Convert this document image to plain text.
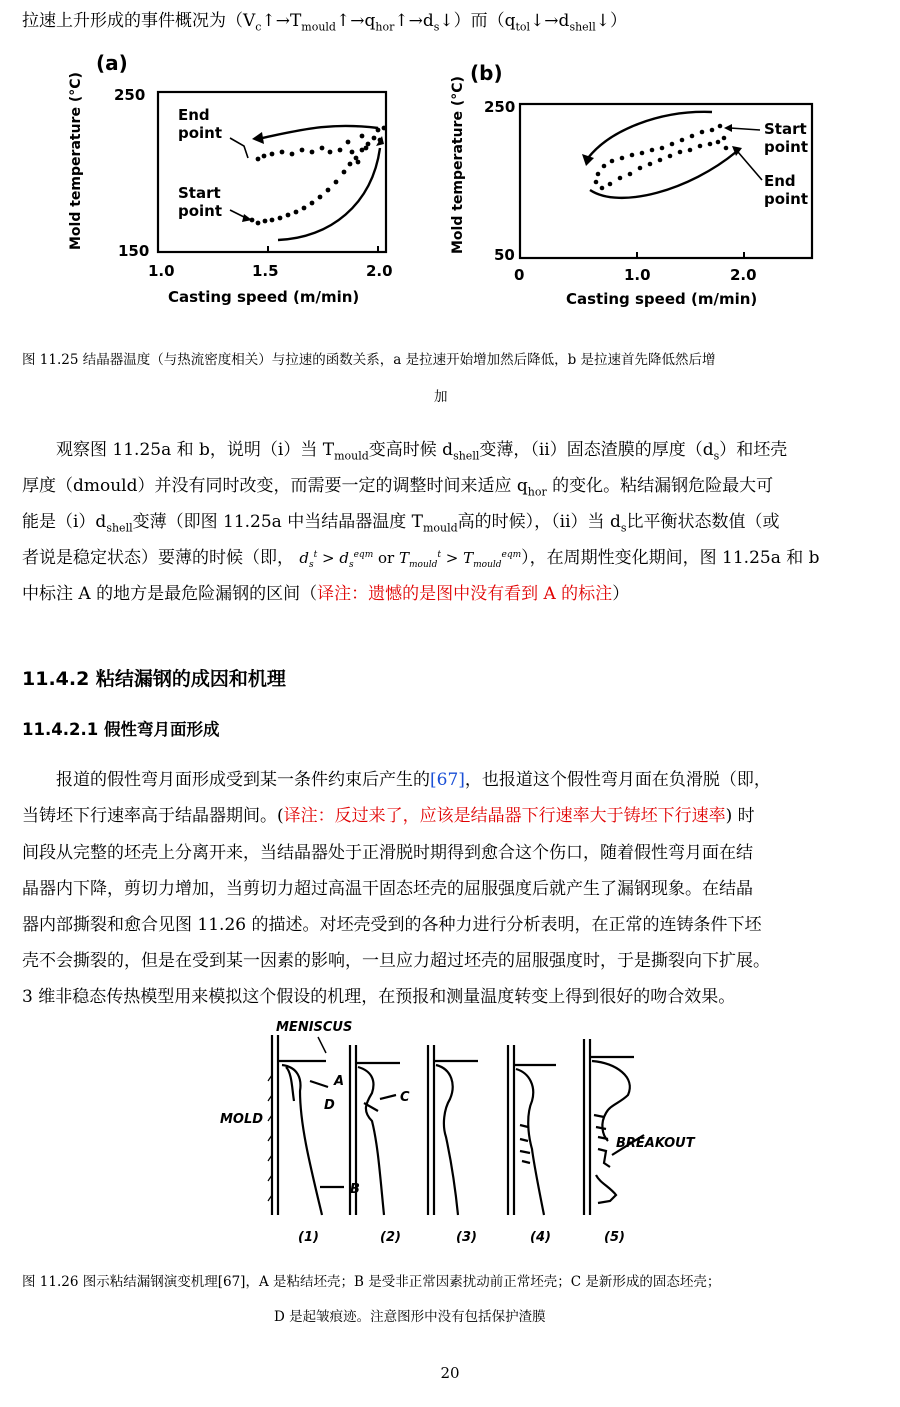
拉速上升形成的事件概况为$(V_c↑\to T_{mould}↑\to q_{hor}↑\to d_s↓)$而$(q_{tol}↓\to d_{shell}↓)$
(a)
250
150
1.0	1.5	2.0
Casting speed (m/min)
Mold temperature (°C)	End
point
Start
point
(b)
250
50
0	1.0	2.0
Casting speed (m/min)
Mold temperature (°C)	Start
point
End
point
图 11.25 结晶器温度（与热流密度相关）与拉速的函数关系，a 是拉速开始增加然后降低，b 是拉速首先降低然后增
加
观察图 11.25a 和 b，说明（i）当 $T_{mould}$变高时候 $d_{shell}$变薄，（ii）固态渣膜的厚度$(d_s)$和坯壳
厚度（dmould）并没有同时改变，而需要一定的调整时间来适应 $q_{hor}$ 的变化。粘结漏钢危险最大可
能是$(i)d_{shell}$变薄（即图 11.25a 中当结晶器温度 $T_{mould}$高的时候），（ii）当 $d_s$比平衡状态数值（或
者说是稳定状态）要薄的时候（即， $d_s^t > d_s^{eqm}$ or $T_{mould}^t > T_{mould}^{eqm}$），在周期性变化期间，图 11.25a 和 b
中标注 A 的地方是最危险漏钢的区间（译注：遗憾的是图中没有看到 A 的标注）
11.4.2 粘结漏钢的成因和机理
11.4.2.1 假性弯月面形成
报道的假性弯月面形成受到某一条件约束后产生的[67]，也报道这个假性弯月面在负滑脱（即，
当铸坯下行速率高于结晶器期间。(译注：反过来了，应该是结晶器下行速率大于铸坯下行速率) 时
间段从完整的坯壳上分离开来，当结晶器处于正滑脱时期得到愈合这个伤口，随着假性弯月面在结
晶器内下降，剪切力增加，当剪切力超过高温干固态坯壳的屈服强度后就产生了漏钢现象。在结晶
器内部撕裂和愈合见图 11.26 的描述。对坯壳受到的各种力进行分析表明，在正常的连铸条件下坯
壳不会撕裂的，但是在受到某一因素的影响，一旦应力超过坯壳的屈服强度时，于是撕裂向下扩展。
3 维非稳态传热模型用来模拟这个假设的机理，在预报和测量温度转变上得到很好的吻合效果。
MENISCUS
MOLD
BREAKOUT
A
B
C
D
(1)	(2)	(3)	(4)	(5)
图 11.26 图示粘结漏钢演变机理[67]，A 是粘结坯壳；B 是受非正常因素扰动前正常坯壳；C 是新形成的固态坯壳；
D 是起皱痕迹。注意图形中没有包括保护渣膜
20
